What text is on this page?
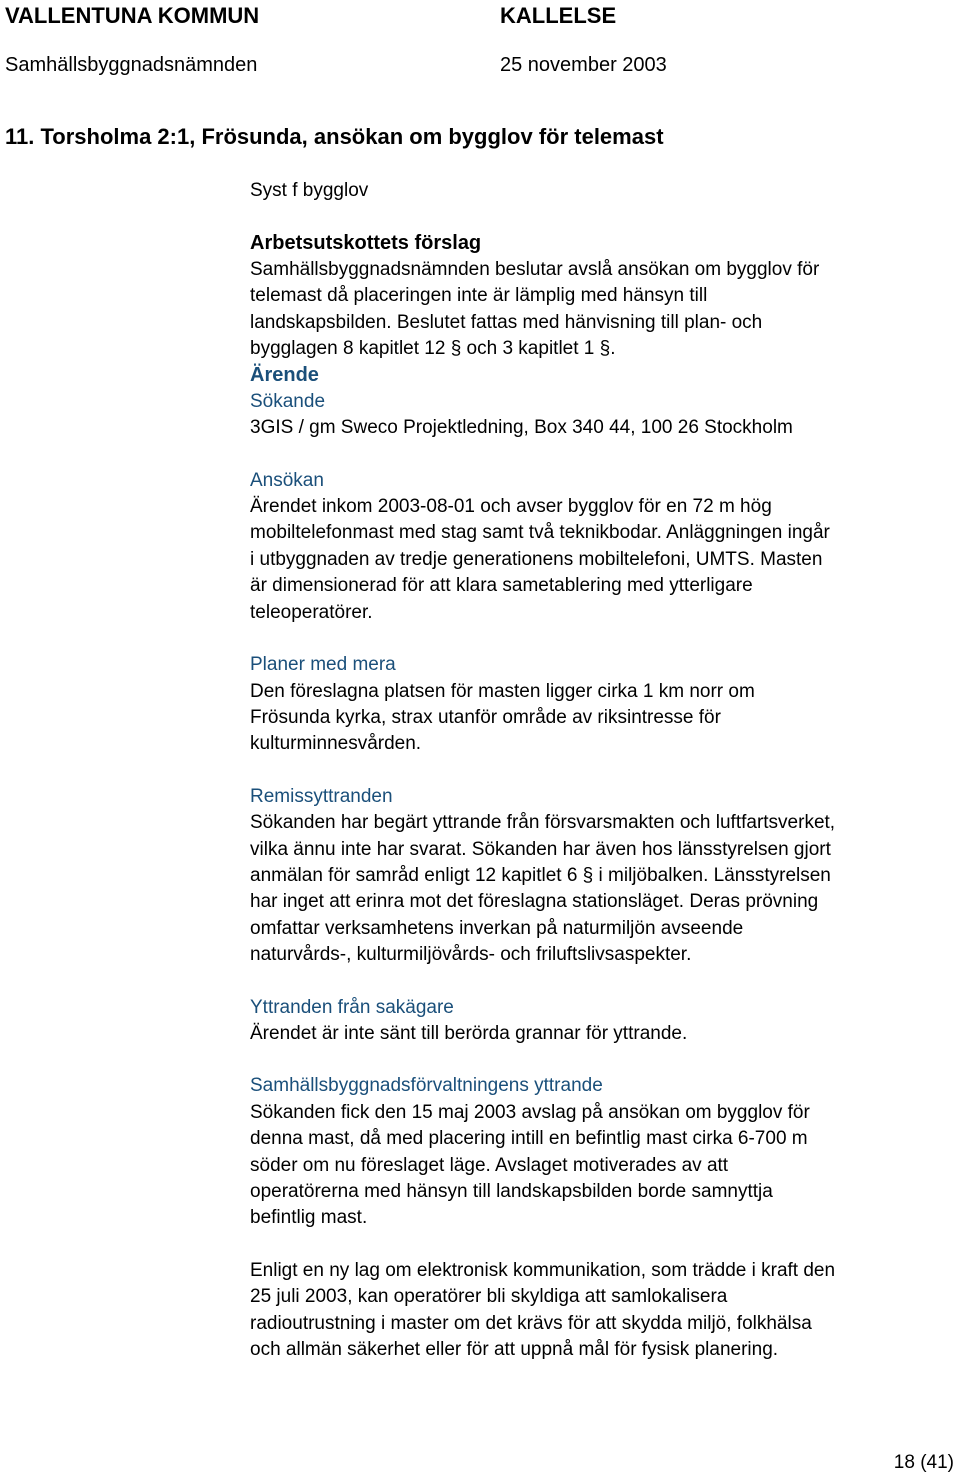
VALLENTUNA KOMMUN	KALLELSE
Samhällsbyggnadsnämnden	25 november 2003
11. Torsholma 2:1, Frösunda, ansökan om bygglov för telemast

Syst f bygglov

Arbetsutskottets förslag

Samhällsbyggnadsnämnden beslutar avslå ansökan om bygglov för
telemast då placeringen inte är lämplig med hänsyn till
landskapsbilden. Beslutet fattas med hänvisning till plan- och
bygglagen 8 kapitlet 12 § och 3 kapitlet 1 §.

Ärende

Sökande

3GIS / gm Sweco Projektledning, Box 340 44, 100 26 Stockholm

Ansökan

Ärendet inkom 2003-08-01 och avser bygglov för en 72 m hög
mobiltelefonmast med stag samt två teknikbodar. Anläggningen ingår
i utbyggnaden av tredje generationens mobiltelefoni, UMTS. Masten
är dimensionerad för att klara sametablering med ytterligare
teleoperatörer.

Planer med mera

Den föreslagna platsen för masten ligger cirka 1 km norr om
Frösunda kyrka, strax utanför område av riksintresse för
kulturminnesvården.

Remissyttranden

Sökanden har begärt yttrande från försvarsmakten och luftfartsverket,
vilka ännu inte har svarat. Sökanden har även hos länsstyrelsen gjort
anmälan för samråd enligt 12 kapitlet 6 § i miljöbalken. Länsstyrelsen
har inget att erinra mot det föreslagna stationsläget. Deras prövning
omfattar verksamhetens inverkan på naturmiljön avseende
naturvårds-, kulturmiljövårds- och friluftslivsaspekter.

Yttranden från sakägare

Ärendet är inte sänt till berörda grannar för yttrande.

Samhällsbyggnadsförvaltningens yttrande

Sökanden fick den 15 maj 2003 avslag på ansökan om bygglov för
denna mast, då med placering intill en befintlig mast cirka 6-700 m
söder om nu föreslaget läge. Avslaget motiverades av att
operatörerna med hänsyn till landskapsbilden borde samnyttja
befintlig mast.
Enligt en ny lag om elektronisk kommunikation, som trädde i kraft den
25 juli 2003, kan operatörer bli skyldiga att samlokalisera
radioutrustning i master om det krävs för att skydda miljö, folkhälsa
och allmän säkerhet eller för att uppnå mål för fysisk planering.
18 (41)
